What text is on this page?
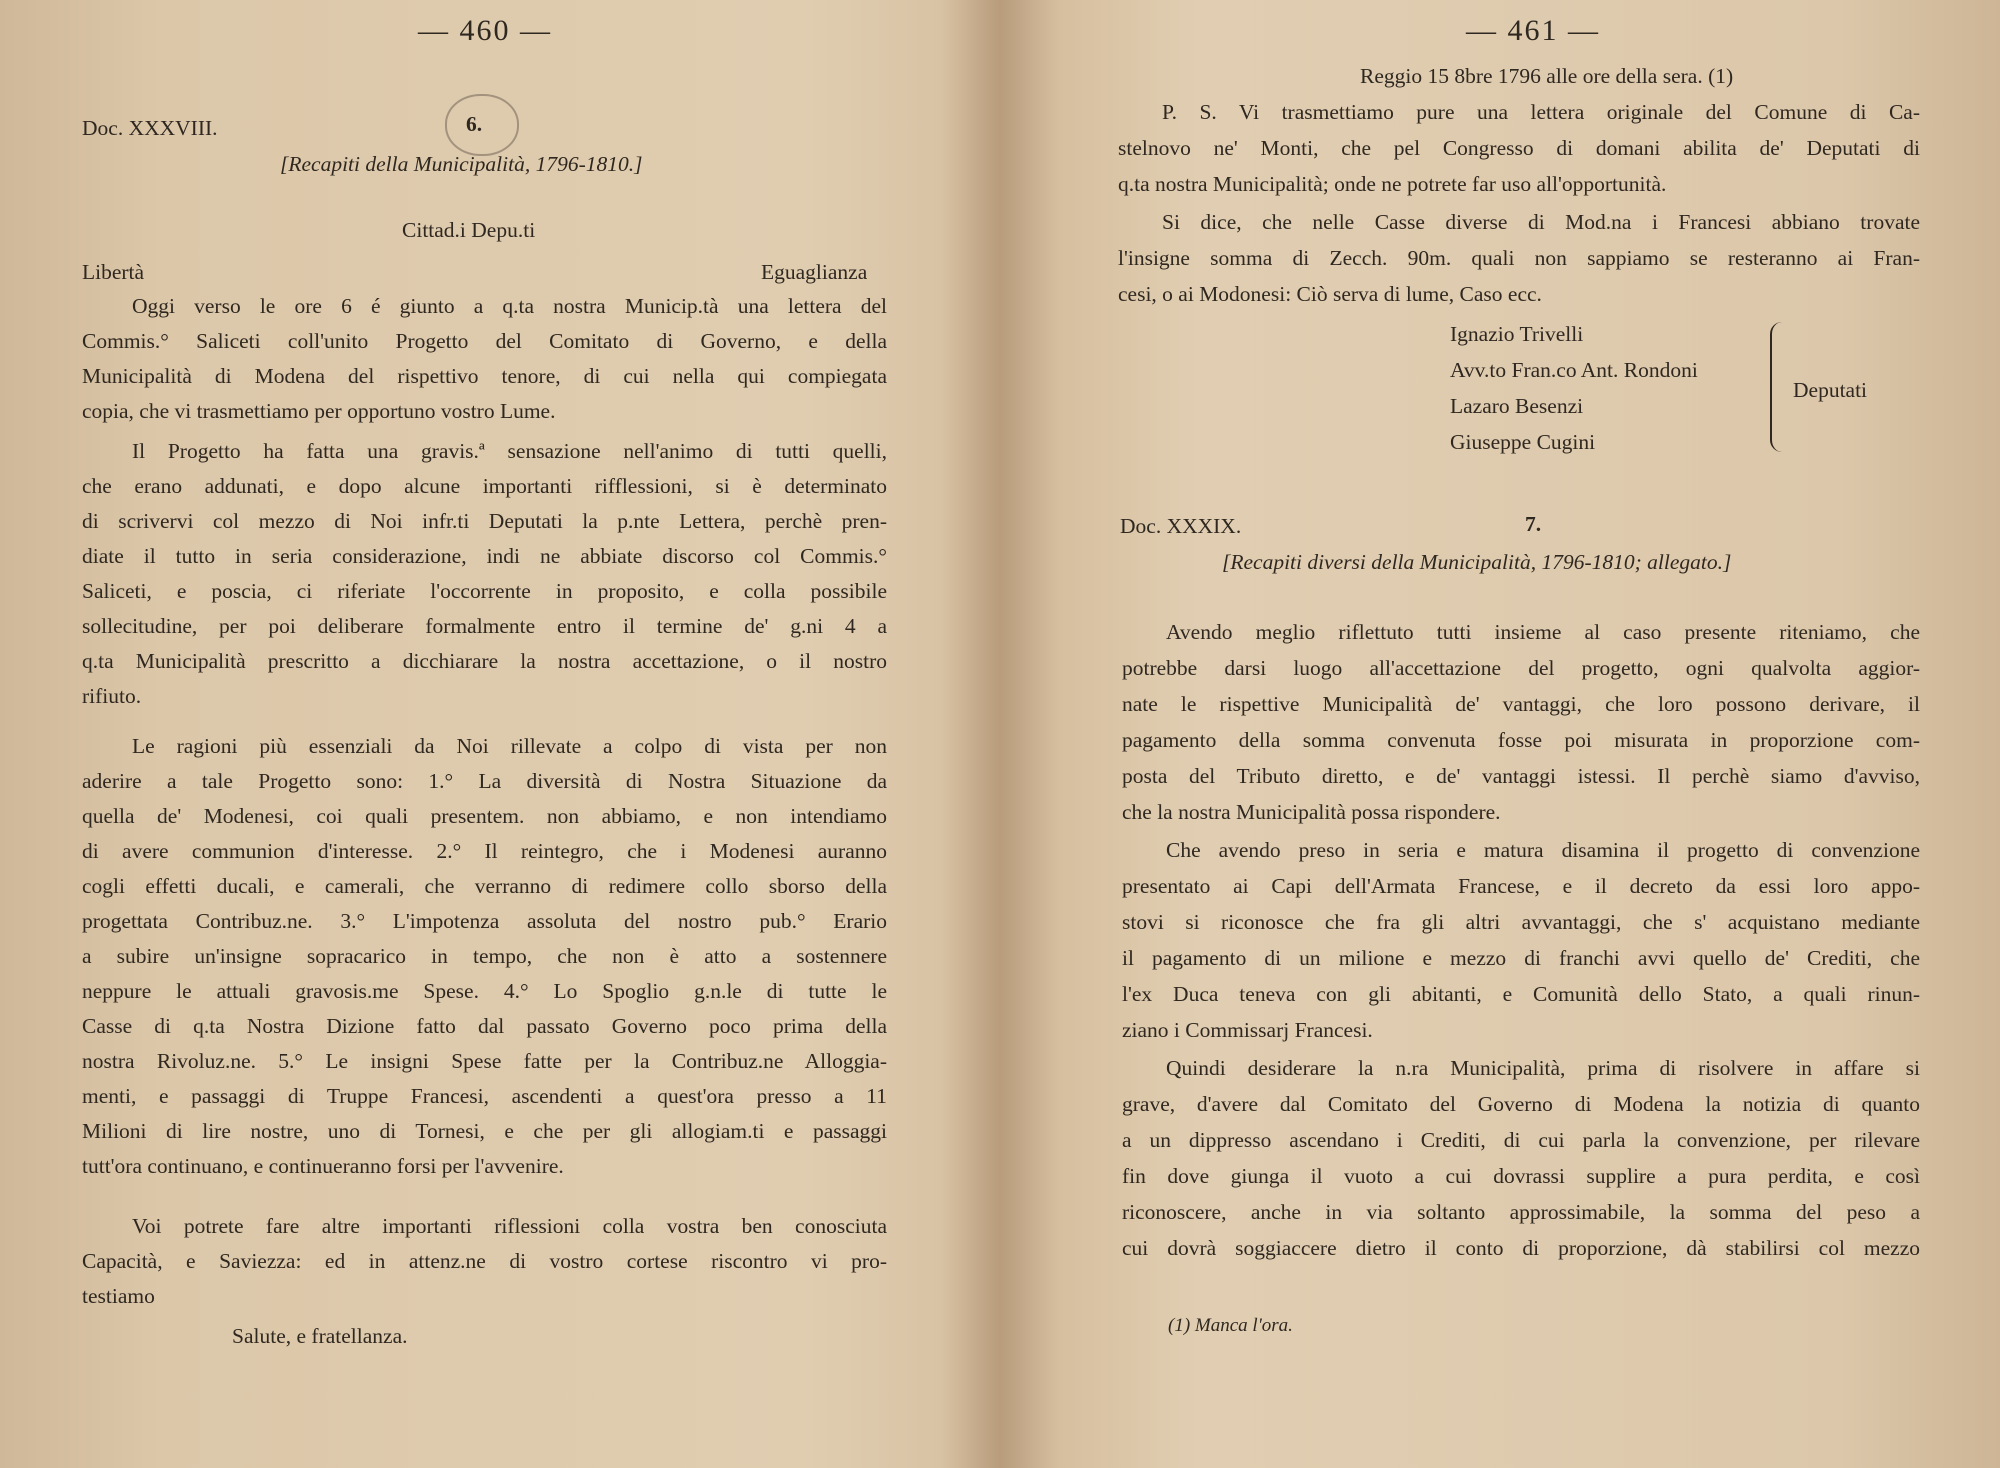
— 460 —
Doc. XXXVIII.	6.
[Recapiti della Municipalità, 1796-1810.]
Cittad.i Depu.ti
Libertà	Eguaglianza
Oggi verso le ore 6 é giunto a q.ta nostra Municip.tà una lettera del
Commis.° Saliceti coll'unito Progetto del Comitato di Governo, e della
Municipalità di Modena del rispettivo tenore, di cui nella qui compiegata
copia, che vi trasmettiamo per opportuno vostro Lume.
Il Progetto ha fatta una gravis.ª sensazione nell'animo di tutti quelli,
che erano addunati, e dopo alcune importanti rifflessioni, si è determinato
di scrivervi col mezzo di Noi infr.ti Deputati la p.nte Lettera, perchè pren-
diate il tutto in seria considerazione, indi ne abbiate discorso col Commis.°
Saliceti, e poscia, ci riferiate l'occorrente in proposito, e colla possibile
sollecitudine, per poi deliberare formalmente entro il termine de' g.ni 4 a
q.ta Municipalità prescritto a dicchiarare la nostra accettazione, o il nostro
rifiuto.
Le ragioni più essenziali da Noi rillevate a colpo di vista per non
aderire a tale Progetto sono: 1.° La diversità di Nostra Situazione da
quella de' Modenesi, coi quali presentem. non abbiamo, e non intendiamo
di avere communion d'interesse. 2.° Il reintegro, che i Modenesi auranno
cogli effetti ducali, e camerali, che verranno di redimere collo sborso della
progettata Contribuz.ne. 3.° L'impotenza assoluta del nostro pub.° Erario
a subire un'insigne sopracarico in tempo, che non è atto a sostennere
neppure le attuali gravosis.me Spese. 4.° Lo Spoglio g.n.le di tutte le
Casse di q.ta Nostra Dizione fatto dal passato Governo poco prima della
nostra Rivoluz.ne. 5.° Le insigni Spese fatte per la Contribuz.ne Alloggia-
menti, e passaggi di Truppe Francesi, ascendenti a quest'ora presso a 11
Milioni di lire nostre, uno di Tornesi, e che per gli allogiam.ti e passaggi
tutt'ora continuano, e continueranno forsi per l'avvenire.
Voi potrete fare altre importanti riflessioni colla vostra ben conosciuta
Capacità, e Saviezza: ed in attenz.ne di vostro cortese riscontro vi pro-
testiamo
Salute, e fratellanza.
— 461 —
Reggio 15 8bre 1796 alle ore della sera. (1)
P. S. Vi trasmettiamo pure una lettera originale del Comune di Ca-
stelnovo ne' Monti, che pel Congresso di domani abilita de' Deputati di
q.ta nostra Municipalità; onde ne potrete far uso all'opportunità.
Si dice, che nelle Casse diverse di Mod.na i Francesi abbiano trovate
l'insigne somma di Zecch. 90m. quali non sappiamo se resteranno ai Fran-
cesi, o ai Modonesi: Ciò serva di lume, Caso ecc.
Ignazio Trivelli
Avv.to Fran.co Ant. Rondoni
Lazaro Besenzi
Giuseppe Cugini
Deputati
Doc. XXXIX.	7.
[Recapiti diversi della Municipalità, 1796-1810; allegato.]
Avendo meglio riflettuto tutti insieme al caso presente riteniamo, che
potrebbe darsi luogo all'accettazione del progetto, ogni qualvolta aggior-
nate le rispettive Municipalità de' vantaggi, che loro possono derivare, il
pagamento della somma convenuta fosse poi misurata in proporzione com-
posta del Tributo diretto, e de' vantaggi istessi. Il perchè siamo d'avviso,
che la nostra Municipalità possa rispondere.
Che avendo preso in seria e matura disamina il progetto di convenzione
presentato ai Capi dell'Armata Francese, e il decreto da essi loro appo-
stovi si riconosce che fra gli altri avvantaggi, che s' acquistano mediante
il pagamento di un milione e mezzo di franchi avvi quello de' Crediti, che
l'ex Duca teneva con gli abitanti, e Comunità dello Stato, a quali rinun-
ziano i Commissarj Francesi.
Quindi desiderare la n.ra Municipalità, prima di risolvere in affare si
grave, d'avere dal Comitato del Governo di Modena la notizia di quanto
a un dippresso ascendano i Crediti, di cui parla la convenzione, per rilevare
fin dove giunga il vuoto a cui dovrassi supplire a pura perdita, e così
riconoscere, anche in via soltanto approssimabile, la somma del peso a
cui dovrà soggiaccere dietro il conto di proporzione, dà stabilirsi col mezzo
(1) Manca l'ora.
